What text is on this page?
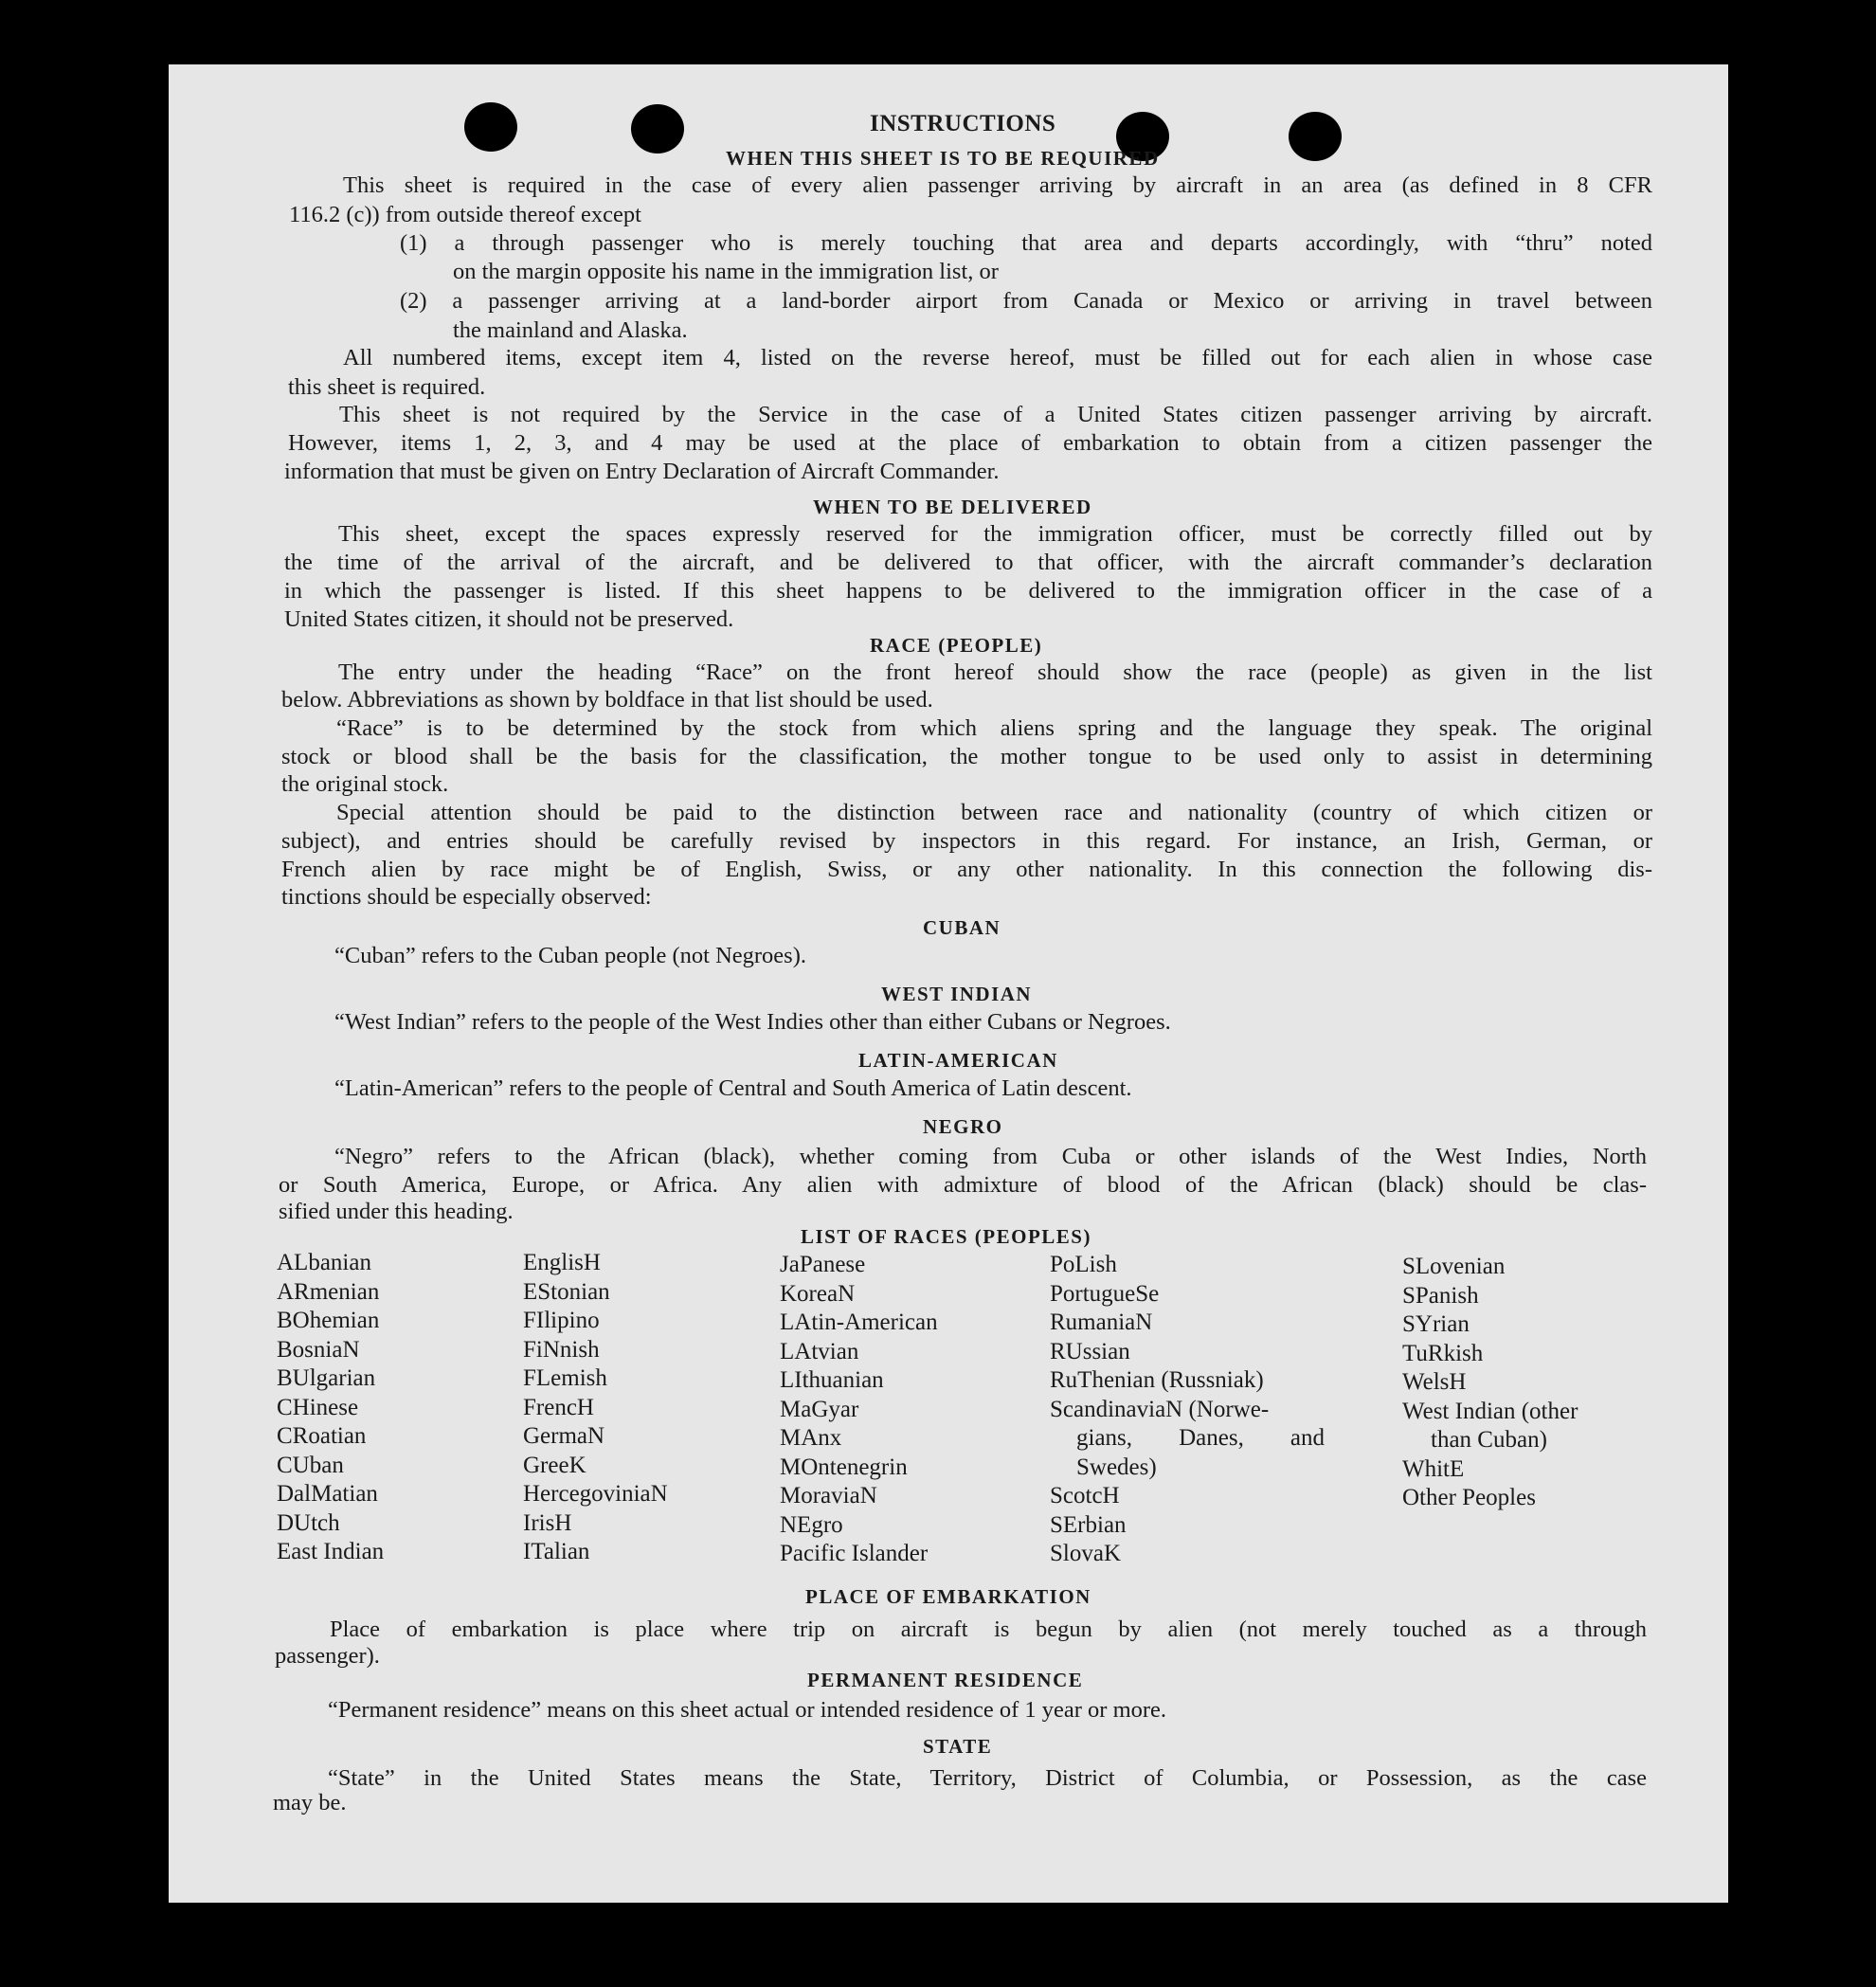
INSTRUCTIONS
WHEN THIS SHEET IS TO BE REQUIRED
This sheet is required in the case of every alien passenger arriving by aircraft in an area (as defined in 8 CFR
116.2 (c)) from outside thereof except
(1) a through passenger who is merely touching that area and departs accordingly, with “thru” noted
on the margin opposite his name in the immigration list, or
(2) a passenger arriving at a land-border airport from Canada or Mexico or arriving in travel between
the mainland and Alaska.
All numbered items, except item 4, listed on the reverse hereof, must be filled out for each alien in whose case
this sheet is required.
This sheet is not required by the Service in the case of a United States citizen passenger arriving by aircraft.
However, items 1, 2, 3, and 4 may be used at the place of embarkation to obtain from a citizen passenger the
information that must be given on Entry Declaration of Aircraft Commander.
WHEN TO BE DELIVERED
This sheet, except the spaces expressly reserved for the immigration officer, must be correctly filled out by
the time of the arrival of the aircraft, and be delivered to that officer, with the aircraft commander’s declaration
in which the passenger is listed. If this sheet happens to be delivered to the immigration officer in the case of a
United States citizen, it should not be preserved.
RACE (PEOPLE)
The entry under the heading “Race” on the front hereof should show the race (people) as given in the list
below. Abbreviations as shown by boldface in that list should be used.
“Race” is to be determined by the stock from which aliens spring and the language they speak. The original
stock or blood shall be the basis for the classification, the mother tongue to be used only to assist in determining
the original stock.
Special attention should be paid to the distinction between race and nationality (country of which citizen or
subject), and entries should be carefully revised by inspectors in this regard. For instance, an Irish, German, or
French alien by race might be of English, Swiss, or any other nationality. In this connection the following dis-
tinctions should be especially observed:
CUBAN
“Cuban” refers to the Cuban people (not Negroes).
WEST INDIAN
“West Indian” refers to the people of the West Indies other than either Cubans or Negroes.
LATIN-AMERICAN
“Latin-American” refers to the people of Central and South America of Latin descent.
NEGRO
“Negro” refers to the African (black), whether coming from Cuba or other islands of the West Indies, North
or South America, Europe, or Africa. Any alien with admixture of blood of the African (black) should be clas-
sified under this heading.
LIST OF RACES (PEOPLES)
ALbanian
ARmenian
BOhemian
BosniaN
BUlgarian
CHinese
CRoatian
CUban
DalMatian
DUtch
East Indian
EnglisH
EStonian
FIlipino
FiNnish
FLemish
FrencH
GermaN
GreeK
HercegoviniaN
IrisH
ITalian
JaPanese
KoreaN
LAtin-American
LAtvian
LIthuanian
MaGyar
MAnx
MOntenegrin
MoraviaN
NEgro
Pacific Islander
PoLish
PortugueSe
RumaniaN
RUssian
RuThenian (Russniak)
ScandinaviaN (Norwe-
gians, Danes, and
Swedes)
ScotcH
SErbian
SlovaK
SLovenian
SPanish
SYrian
TuRkish
WelsH
West Indian (other
than Cuban)
WhitE
Other Peoples
PLACE OF EMBARKATION
Place of embarkation is place where trip on aircraft is begun by alien (not merely touched as a through
passenger).
PERMANENT RESIDENCE
“Permanent residence” means on this sheet actual or intended residence of 1 year or more.
STATE
“State” in the United States means the State, Territory, District of Columbia, or Possession, as the case
may be.
